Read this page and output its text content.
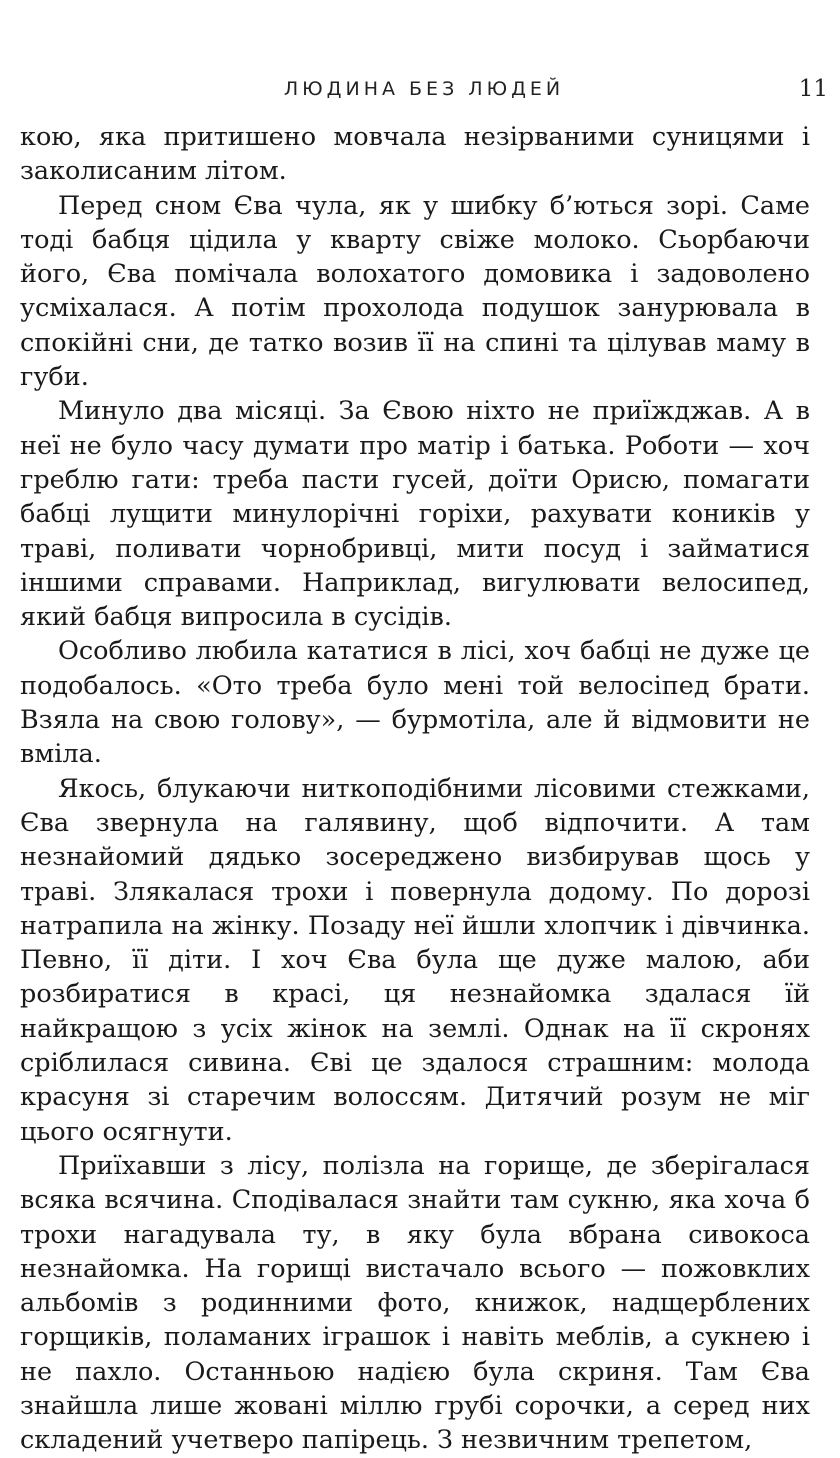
ЛЮДИНА БЕЗ ЛЮДЕЙ	11

кою, яка притишено мовчала незірваними суницями і заколисаним літом.

Перед сном Єва чула, як у шибку б’ються зорі. Саме тоді бабця цідила у кварту свіже молоко. Сьорбаючи його, Єва помічала волохатого домовика і задоволено усміхалася. А потім прохолода подушок занурювала в спокійні сни, де татко возив її на спині та цілував маму в губи.

Минуло два місяці. За Євою ніхто не приїжджав. А в неї не було часу думати про матір і батька. Роботи — хоч греблю гати: треба пасти гусей, доїти Орисю, помагати бабці лущити минулорічні горіхи, рахувати коників у траві, поливати чорнобривці, мити посуд і займатися іншими справами. Наприклад, вигулювати велосипед, який бабця випросила в сусідів.

Особливо любила кататися в лісі, хоч бабці не дуже це подобалось. «Ото треба було мені той велосіпед брати. Взяла на свою голову», — бурмотіла, але й відмовити не вміла.

Якось, блукаючи ниткоподібними лісовими стежками, Єва звернула на галявину, щоб відпочити. А там незнайомий дядько зосереджено визбирував щось у траві. Злякалася трохи і повернула додому. По дорозі натрапила на жінку. Позаду неї йшли хлопчик і дівчинка. Певно, її діти. І хоч Єва була ще дуже малою, аби розбиратися в красі, ця незнайомка здалася їй найкращою з усіх жінок на землі. Однак на її скронях сріблилася сивина. Єві це здалося страшним: молода красуня зі старечим волоссям. Дитячий розум не міг цього осягнути.

Приїхавши з лісу, полізла на горище, де зберігалася всяка всячина. Сподівалася знайти там сукню, яка хоча б трохи нагадувала ту, в яку була вбрана сивокоса незнайомка. На горищі вистачало всього — пожовклих альбомів з родинними фото, книжок, надщерблених горщиків, поламаних іграшок і навіть меблів, а сукнею і не пахло. Останньою надією була скриня. Там Єва знайшла лише жовані міллю грубі сорочки, а серед них складений учетверо папірець. З незвичним трепетом,
